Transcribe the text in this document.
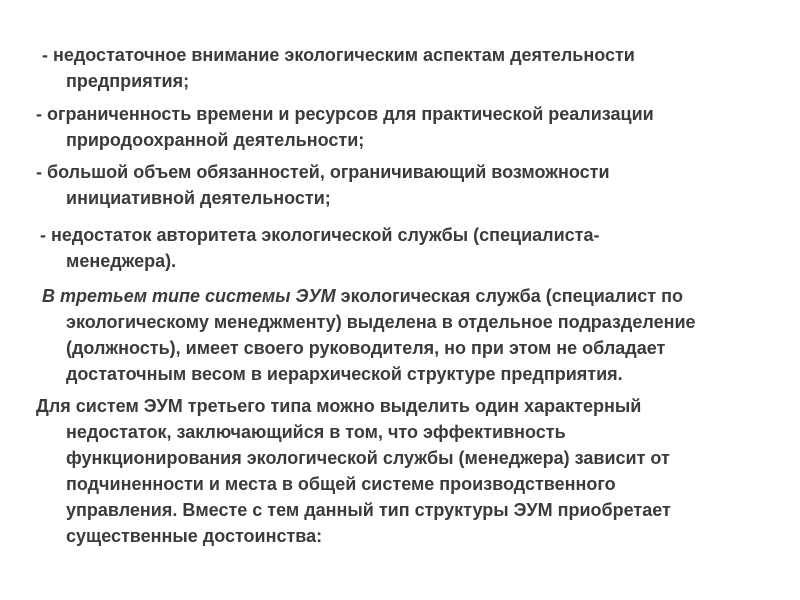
- недостаточное внимание экологическим аспектам деятельности
предприятия;
- ограниченность времени и ресурсов для практической реализации
природоохранной деятельности;
- большой объем обязанностей, ограничивающий возможности
инициативной деятельности;
- недостаток авторитета экологической службы (специалиста-
менеджера).
В третьем типе системы ЭУМ экологическая служба (специалист по
экологическому менеджменту) выделена в отдельное подразделение
(должность), имеет своего руководителя, но при этом не обладает
достаточным весом в иерархической структуре предприятия.
Для систем ЭУМ третьего типа можно выделить один характерный
недостаток, заключающийся в том, что эффективность
функционирования экологической службы (менеджера) зависит от
подчиненности и места в общей системе производственного
управления. Вместе с тем данный тип структуры ЭУМ приобретает
существенные достоинства:
